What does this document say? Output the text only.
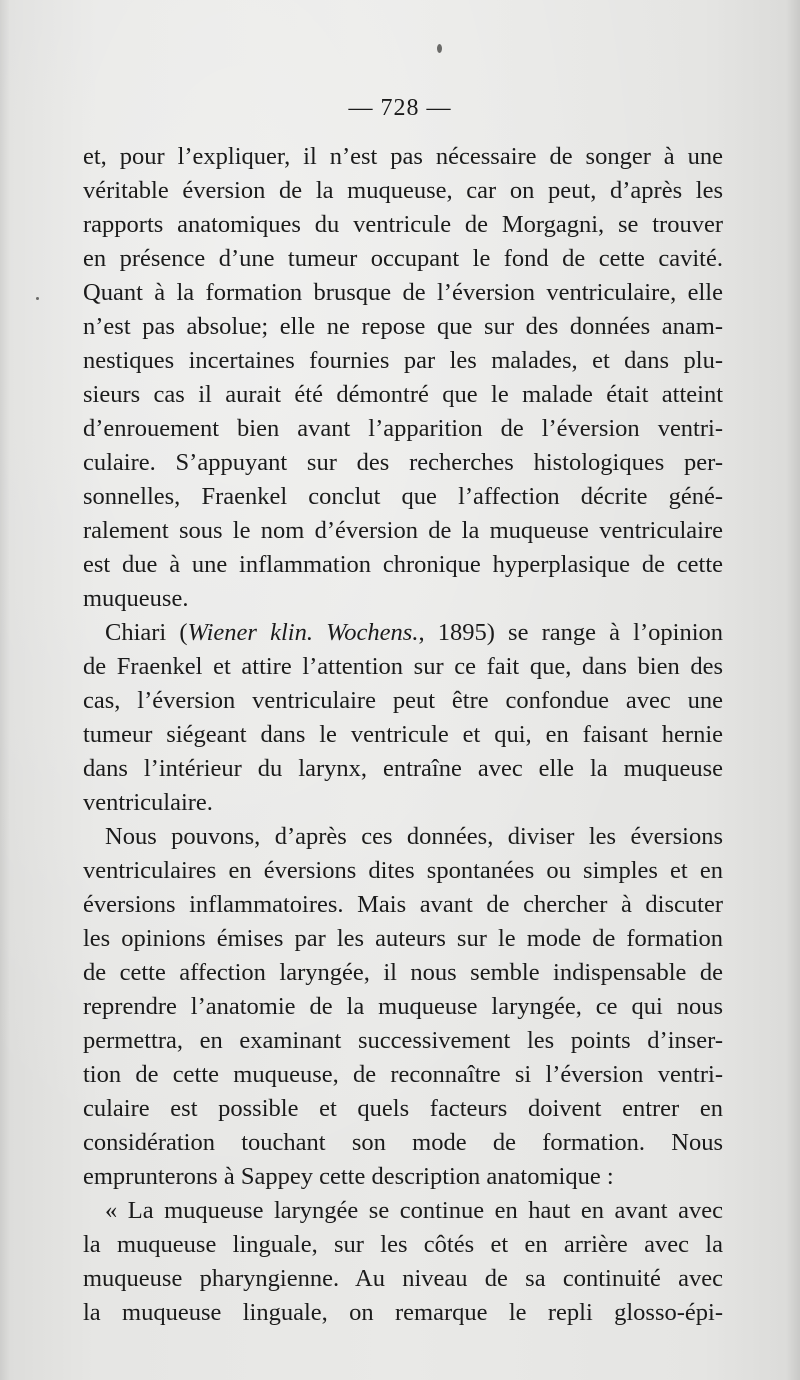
— 728 —
et, pour l’expliquer, il n’est pas nécessaire de songer à une
véritable éversion de la muqueuse, car on peut, d’après les
rapports anatomiques du ventricule de Morgagni, se trouver
en présence d’une tumeur occupant le fond de cette cavité.
Quant à la formation brusque de l’éversion ventriculaire, elle
n’est pas absolue; elle ne repose que sur des données anam-
nestiques incertaines fournies par les malades, et dans plu-
sieurs cas il aurait été démontré que le malade était atteint
d’enrouement bien avant l’apparition de l’éversion ventri-
culaire. S’appuyant sur des recherches histologiques per-
sonnelles, Fraenkel conclut que l’affection décrite géné-
ralement sous le nom d’éversion de la muqueuse ventriculaire
est due à une inflammation chronique hyperplasique de cette
muqueuse.
Chiari (Wiener klin. Wochens., 1895) se range à l’opinion
de Fraenkel et attire l’attention sur ce fait que, dans bien des
cas, l’éversion ventriculaire peut être confondue avec une
tumeur siégeant dans le ventricule et qui, en faisant hernie
dans l’intérieur du larynx, entraîne avec elle la muqueuse
ventriculaire.
Nous pouvons, d’après ces données, diviser les éversions
ventriculaires en éversions dites spontanées ou simples et en
éversions inflammatoires. Mais avant de chercher à discuter
les opinions émises par les auteurs sur le mode de formation
de cette affection laryngée, il nous semble indispensable de
reprendre l’anatomie de la muqueuse laryngée, ce qui nous
permettra, en examinant successivement les points d’inser-
tion de cette muqueuse, de reconnaître si l’éversion ventri-
culaire est possible et quels facteurs doivent entrer en
considération touchant son mode de formation. Nous
emprunterons à Sappey cette description anatomique :
« La muqueuse laryngée se continue en haut en avant avec
la muqueuse linguale, sur les côtés et en arrière avec la
muqueuse pharyngienne. Au niveau de sa continuité avec
la muqueuse linguale, on remarque le repli glosso-épi-
